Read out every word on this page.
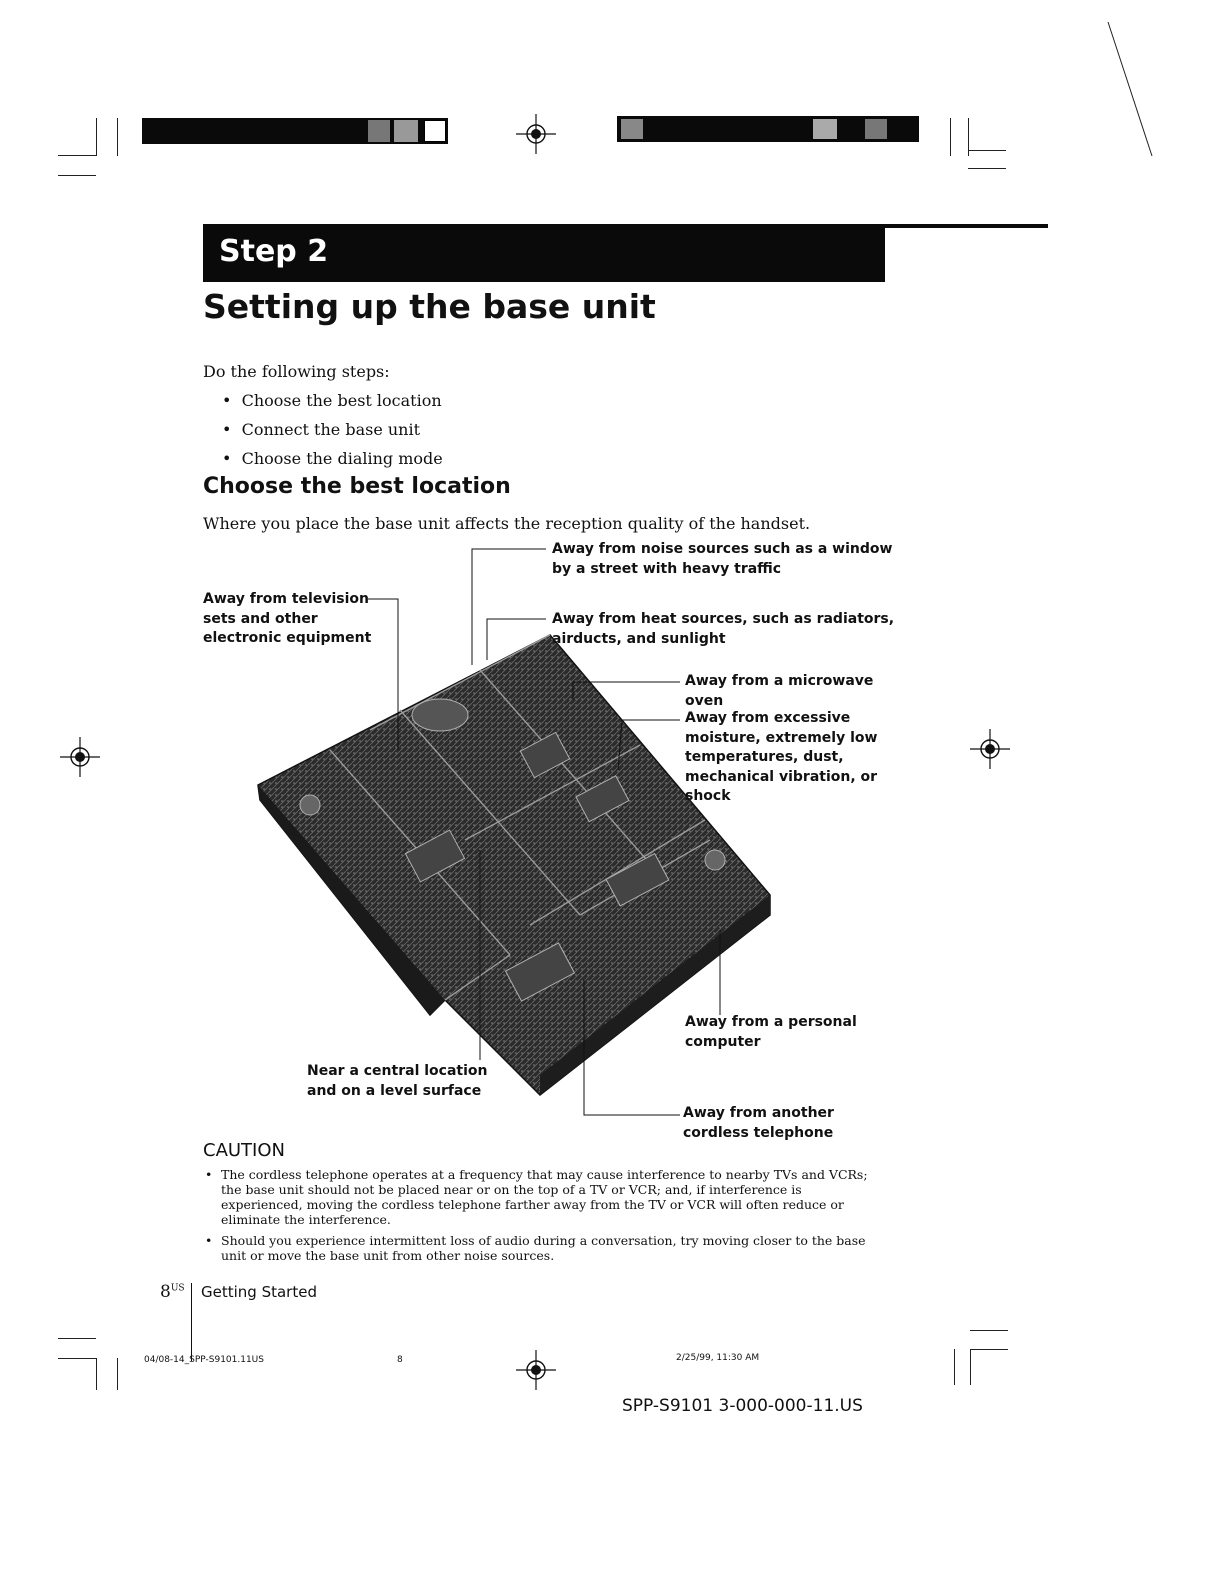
Step 2
Setting up the base unit
Do the following steps:
•  Choose the best location
•  Connect the base unit
•  Choose the dialing mode
Choose the best location
Where you place the base unit affects the reception quality of the handset.
Away from noise sources such as a window
by a street with heavy traffic
Away from television
sets and other
electronic equipment
Away from heat sources, such as radiators,
airducts, and sunlight
Away from a microwave
oven
Away from excessive
moisture, extremely low
temperatures, dust,
mechanical vibration, or
shock
Away from a personal
computer
Near a central location
and on a level surface
Away from another
cordless telephone
CAUTION
• The cordless telephone operates at a frequency that may cause interference to nearby TVs and VCRs; the base unit should not be placed near or on the top of a TV or VCR; and, if interference is experienced, moving the cordless telephone farther away from the TV or VCR will often reduce or eliminate the interference.
• Should you experience intermittent loss of audio during a conversation, try moving closer to the base unit or move the base unit from other noise sources.
$8^{US}$ Getting Started
04/08-14_SPP-S9101.11US	8	2/25/99, 11:30 AM
SPP-S9101 3-000-000-11.US
